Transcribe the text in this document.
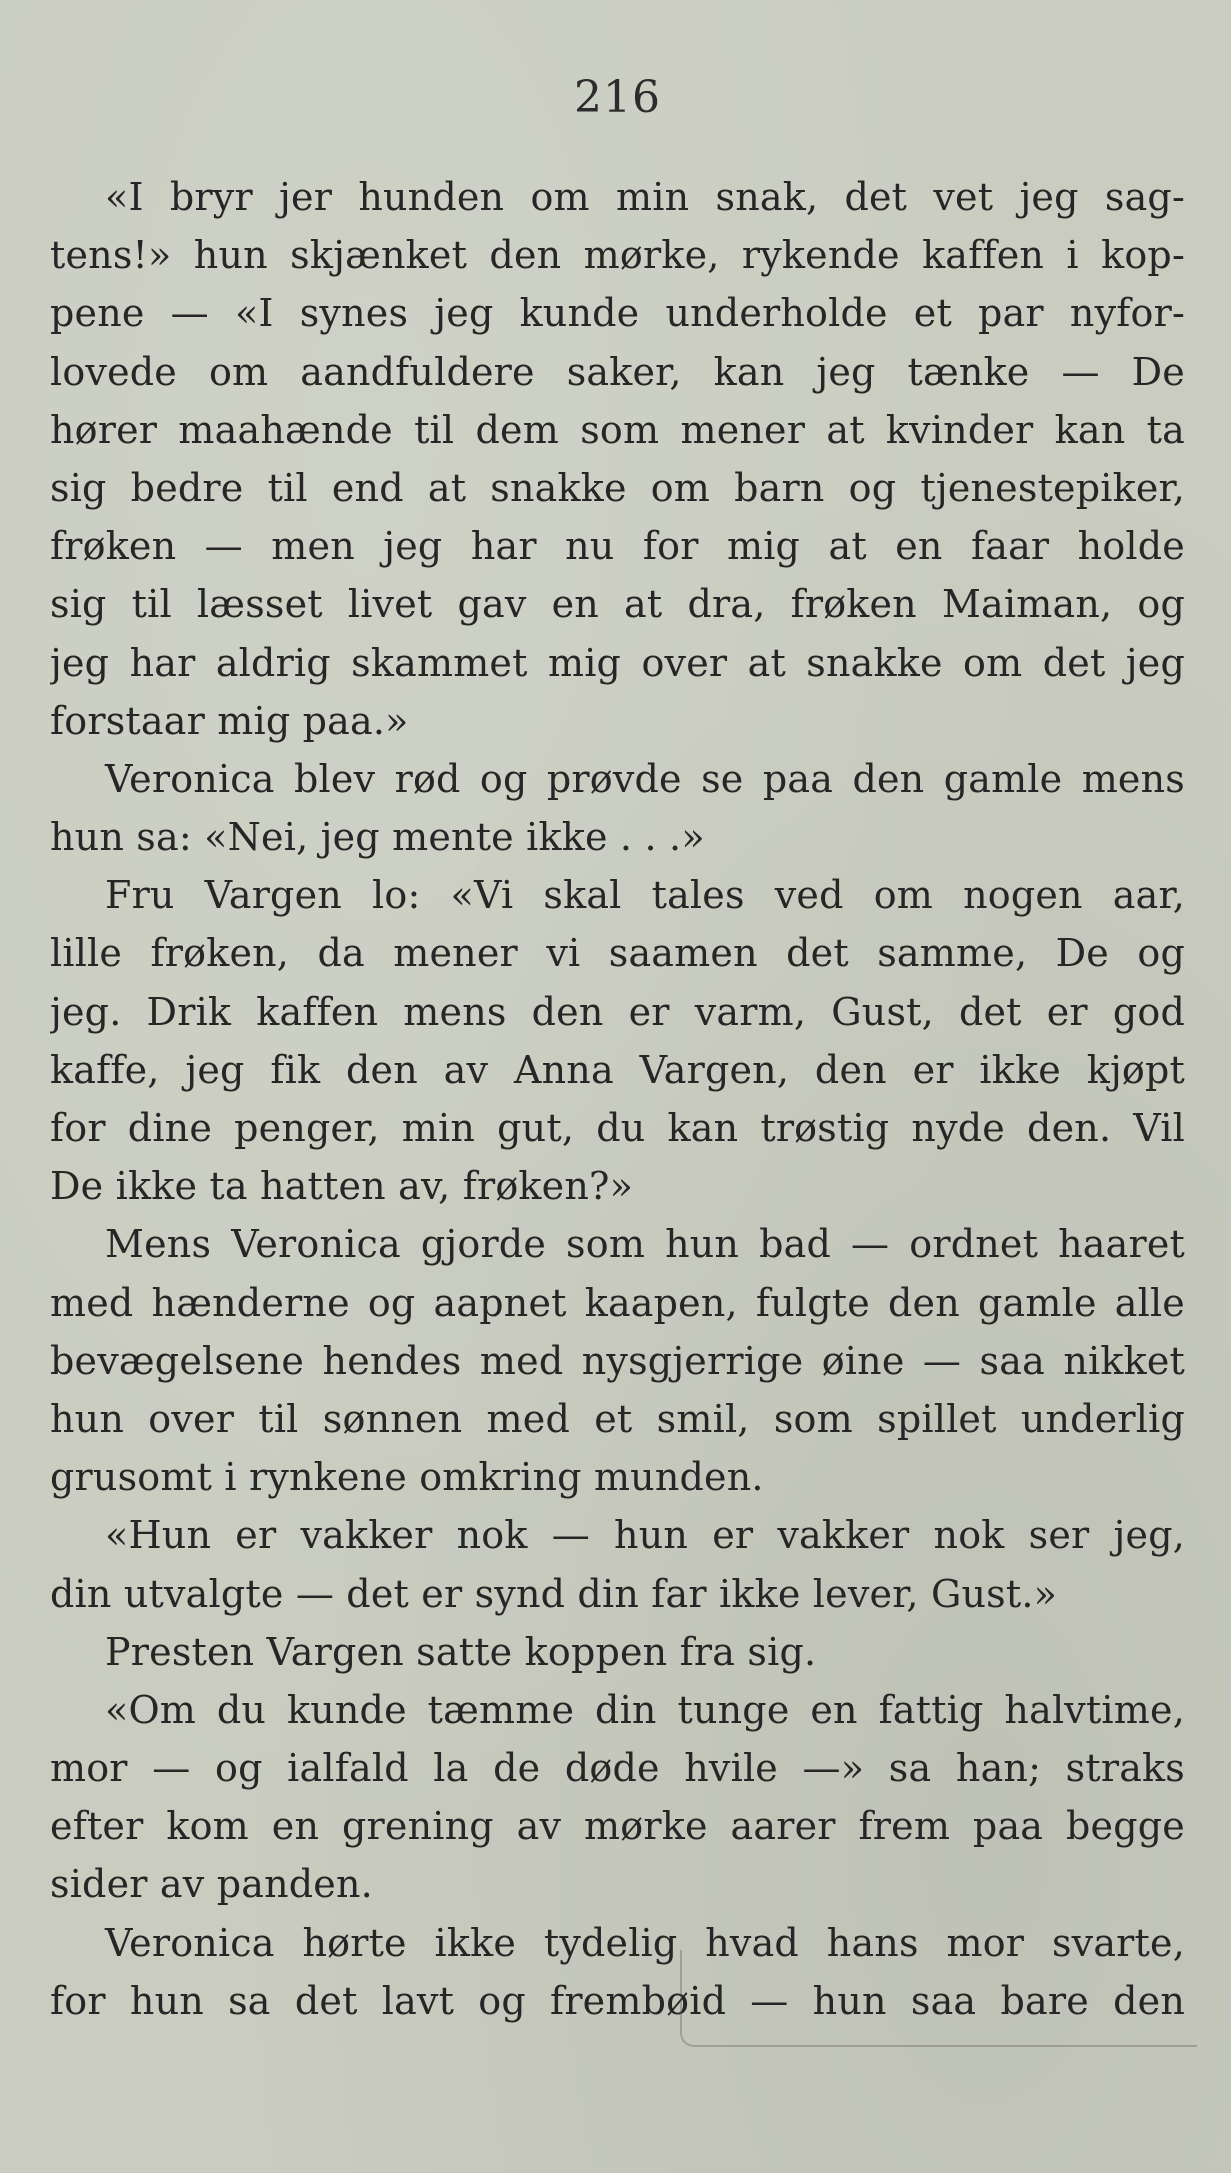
216
«I bryr jer hunden om min snak, det vet jeg sag-
tens!» hun skjænket den mørke, rykende kaffen i kop-
pene — «I synes jeg kunde underholde et par nyfor-
lovede om aandfuldere saker, kan jeg tænke — De
hører maahænde til dem som mener at kvinder kan ta
sig bedre til end at snakke om barn og tjenestepiker,
frøken — men jeg har nu for mig at en faar holde
sig til læsset livet gav en at dra, frøken Maiman, og
jeg har aldrig skammet mig over at snakke om det jeg
forstaar mig paa.»
Veronica blev rød og prøvde se paa den gamle mens
hun sa: «Nei, jeg mente ikke . . .»
Fru Vargen lo: «Vi skal tales ved om nogen aar,
lille frøken, da mener vi saamen det samme, De og
jeg. Drik kaffen mens den er varm, Gust, det er god
kaffe, jeg fik den av Anna Vargen, den er ikke kjøpt
for dine penger, min gut, du kan trøstig nyde den. Vil
De ikke ta hatten av, frøken?»
Mens Veronica gjorde som hun bad — ordnet haaret
med hænderne og aapnet kaapen, fulgte den gamle alle
bevægelsene hendes med nysgjerrige øine — saa nikket
hun over til sønnen med et smil, som spillet underlig
grusomt i rynkene omkring munden.
«Hun er vakker nok — hun er vakker nok ser jeg,
din utvalgte — det er synd din far ikke lever, Gust.»
Presten Vargen satte koppen fra sig.
«Om du kunde tæmme din tunge en fattig halvtime,
mor — og ialfald la de døde hvile —» sa han; straks
efter kom en grening av mørke aarer frem paa begge
sider av panden.
Veronica hørte ikke tydelig hvad hans mor svarte,
for hun sa det lavt og frembøid — hun saa bare den
